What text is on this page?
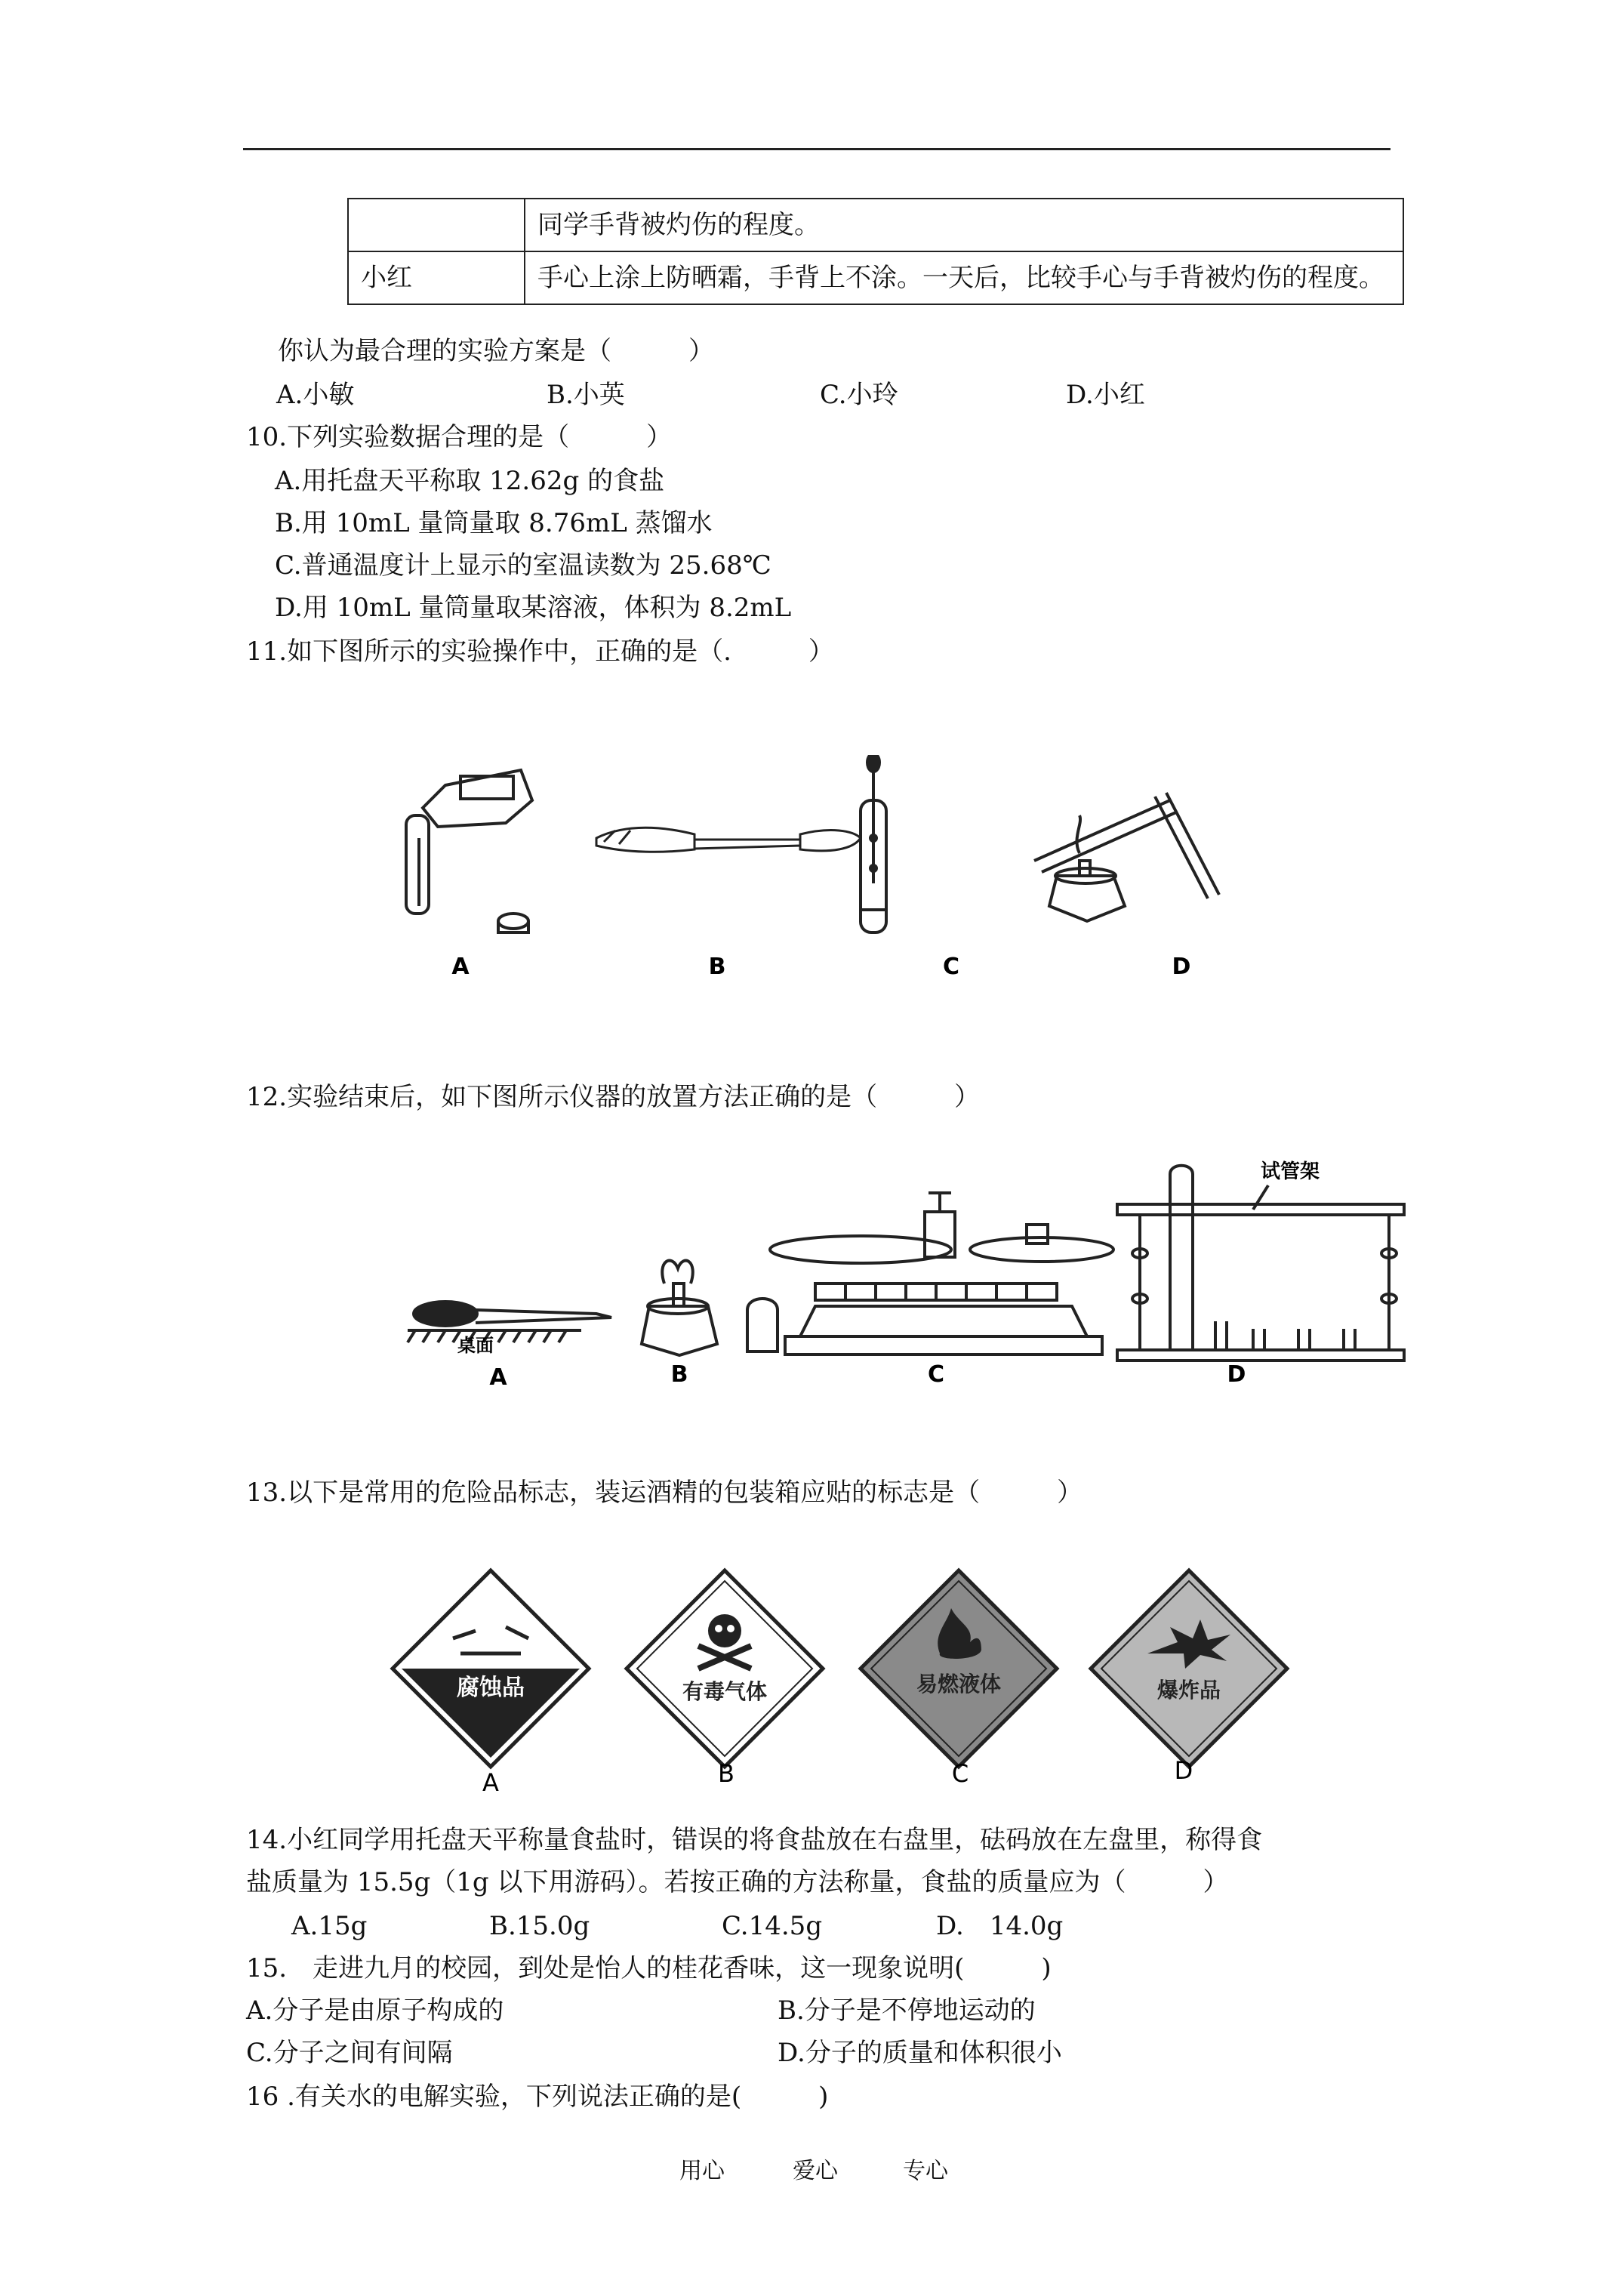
	同学手背被灼伤的程度。
小红	手心上涂上防晒霜，手背上不涂。一天后，比较手心与手背被灼伤的程度。
你认为最合理的实验方案是（　　　）
A.小敏	B.小英	C.小玲	D.小红
10.下列实验数据合理的是（　　　）
A.用托盘天平称取 12.62g 的食盐
B.用 10mL 量筒量取 8.76mL 蒸馏水
C.普通温度计上显示的室温读数为 25.68℃
D.用 10mL 量筒量取某溶液，体积为 8.2mL
11.如下图所示的实验操作中，正确的是（.　　　）
A	B	C	D
12.实验结束后，如下图所示仪器的放置方法正确的是（　　　）
桌面
试管架
A	B	C	D
13.以下是常用的危险品标志，装运酒精的包装箱应贴的标志是（　　　）
腐蚀品	有毒气体	易燃液体	爆炸品
A	B	C	D
14.小红同学用托盘天平称量食盐时，错误的将食盐放在右盘里，砝码放在左盘里，称得食
盐质量为 15.5g（1g 以下用游码）。若按正确的方法称量，食盐的质量应为（　　　）
A.15g	B.15.0g	C.14.5g	D.　14.0g
15.　走进九月的校园，到处是怡人的桂花香味，这一现象说明(　　　)
A.分子是由原子构成的	B.分子是不停地运动的
C.分子之间有间隔	D.分子的质量和体积很小
16 .有关水的电解实验，下列说法正确的是(　　　)
用心	爱心	专心
